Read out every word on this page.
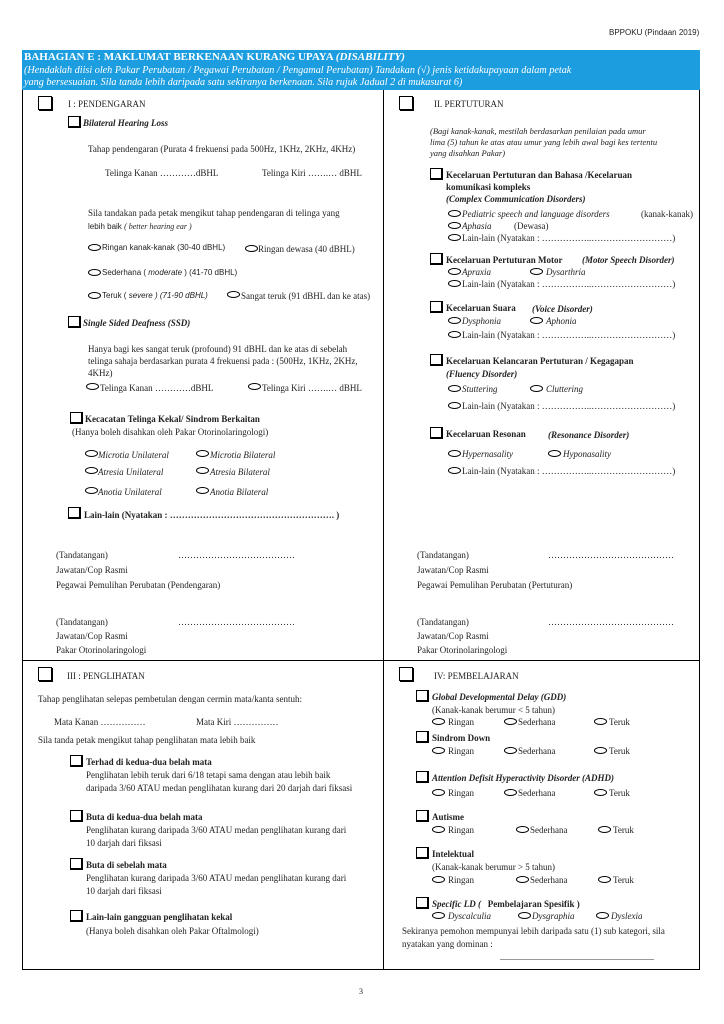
BPPOKU (Pindaan 2019)
BAHAGIAN E : MAKLUMAT BERKENAAN KURANG UPAYA (DISABILITY)
(Hendaklah diisi oleh Pakar Perubatan / Pegawai Perubatan / Pengamal Perubatan) Tandakan (√) jenis ketidakupayaan dalam petak
yang bersesuaian. Sila tanda lebih daripada satu sekiranya berkenaan. Sila rujuk Jadual 2 di mukasurat 6)
I : PENDENGARAN
Bilateral Hearing Loss
Tahap pendengaran (Purata 4 frekuensi pada 500Hz, 1KHz, 2KHz, 4KHz)
Telinga Kanan …………dBHL	Telinga Kiri …….… dBHL
Sila tandakan pada petak mengikut tahap pendengaran di telinga yang
lebih baik ( better hearing ear )
Ringan kanak-kanak (30-40 dBHL)	Ringan dewasa (40 dBHL)
Sederhana ( moderate ) (41-70 dBHL)
Teruk ( severe ) (71-90 dBHL)	Sangat teruk (91 dBHL dan ke atas)
Single Sided Deafness (SSD)
Hanya bagi kes sangat teruk (profound) 91 dBHL dan ke atas di sebelah
telinga sahaja berdasarkan purata 4 frekuensi pada : (500Hz, 1KHz, 2KHz,
4KHz)
Telinga Kanan …………dBHL	Telinga Kiri …….… dBHL
Kecacatan Telinga Kekal/ Sindrom Berkaitan
(Hanya boleh disahkan oleh Pakar Otorinolaringologi)
Microtia Unilateral	Microtia Bilateral
Atresia Unilateral	Atresia Bilateral
Anotia Unilateral	Anotia Bilateral
Lain-lain (Nyatakan : ………………………………………………. )
(Tandatangan)	…………………………………
Jawatan/Cop Rasmi
Pegawai Pemulihan Perubatan (Pendengaran)
(Tandatangan)	…………………………………
Jawatan/Cop Rasmi
Pakar Otorinolaringologi
II. PERTUTURAN
(Bagi kanak-kanak, mestilah berdasarkan penilaian pada umur
lima (5) tahun ke atas atau umur yang lebih awal bagi kes tertentu
yang disahkan Pakar)
Kecelaruan Pertuturan dan Bahasa /Kecelaruan
komunikasi kompleks
(Complex Communication Disorders)
Pediatric speech and language disorders	(kanak-kanak)
Aphasia (Dewasa)
Lain-lain (Nyatakan : ……………..………………………)
Kecelaruan Pertuturan Motor (Motor Speech Disorder)
Apraxia	Dysarthria
Lain-lain (Nyatakan : ……………..………………………)
Kecelaruan Suara (Voice Disorder)
Dysphonia	Aphonia
Lain-lain (Nyatakan : ……………..………………………)
Kecelaruan Kelancaran Pertuturan / Kegagapan
(Fluency Disorder)
Stuttering	Cluttering
Lain-lain (Nyatakan : ……………..………………………)
Kecelaruan Resonan (Resonance Disorder)
Hypernasality	Hyponasality
Lain-lain (Nyatakan : ……………..………………………)
(Tandatangan)	……………………………………
Jawatan/Cop Rasmi
Pegawai Pemulihan Perubatan (Pertuturan)
(Tandatangan)	……………………………………
Jawatan/Cop Rasmi
Pakar Otorinolaringologi
III : PENGLIHATAN
Tahap penglihatan selepas pembetulan dengan cermin mata/kanta sentuh:
Mata Kanan ……………	Mata Kiri ……………
Sila tanda petak mengikut tahap penglihatan mata lebih baik
Terhad di kedua-dua belah mata
Penglihatan lebih teruk dari 6/18 tetapi sama dengan atau lebih baik
daripada 3/60 ATAU medan penglihatan kurang dari 20 darjah dari fiksasi
Buta di kedua-dua belah mata
Penglihatan kurang daripada 3/60 ATAU medan penglihatan kurang dari
10 darjah dari fiksasi
Buta di sebelah mata
Penglihatan kurang daripada 3/60 ATAU medan penglihatan kurang dari
10 darjah dari fiksasi
Lain-lain gangguan penglihatan kekal
(Hanya boleh disahkan oleh Pakar Oftalmologi)
IV: PEMBELAJARAN
Global Developmental Delay (GDD)
(Kanak-kanak berumur < 5 tahun)
Ringan	Sederhana	Teruk
Sindrom Down
Ringan	Sederhana	Teruk
Attention Defisit Hyperactivity Disorder (ADHD)
Ringan	Sederhana	Teruk
Autisme
Ringan	Sederhana	Teruk
Intelektual
(Kanak-kanak berumur > 5 tahun)
Ringan	Sederhana	Teruk
Specific LD ( Pembelajaran Spesifik )
Dyscalculia	Dysgraphia	Dyslexia
Sekiranya pemohon mempunyai lebih daripada satu (1) sub kategori, sila
nyatakan yang dominan :
3
